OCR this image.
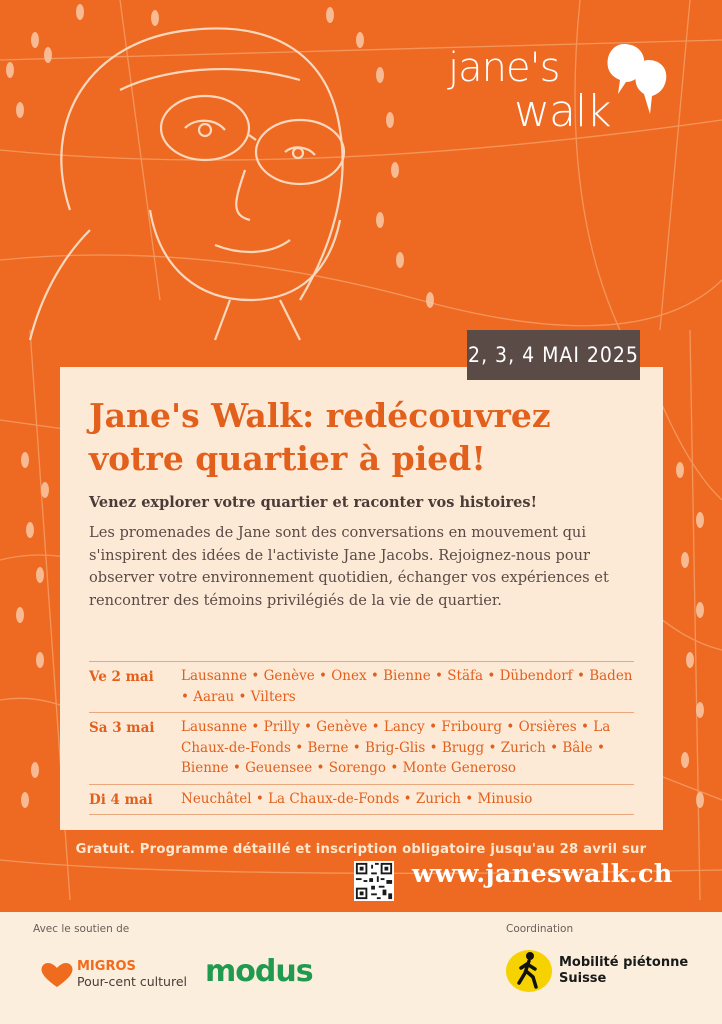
jane's
walk
2, 3, 4 MAI 2025
Jane's Walk: redécouvrez votre quartier à pied!

Venez explorer votre quartier et raconter vos histoires!

Les promenades de Jane sont des conversations en mouvement qui s'inspirent des idées de l'activiste Jane Jacobs. Rejoignez-nous pour observer votre environnement quotidien, échanger vos expériences et rencontrer des témoins privilégiés de la vie de quartier.

Ve 2 mai	Lausanne • Genève • Onex • Bienne • Stäfa • Dübendorf • Baden • Aarau • Vilters
Sa 3 mai	Lausanne • Prilly • Genève • Lancy • Fribourg • Orsières • La Chaux-de-Fonds • Berne • Brig-Glis • Brugg • Zurich • Bâle • Bienne • Geuensee • Sorengo • Monte Generoso
Di 4 mai	Neuchâtel • La Chaux-de-Fonds • Zurich • Minusio
Gratuit. Programme détaillé et inscription obligatoire jusqu'au 28 avril sur
www.janeswalk.ch
Avec le soutien de	Coordination
MIGROS
Pour-cent culturel modus	Mobilité piétonne
Suisse
